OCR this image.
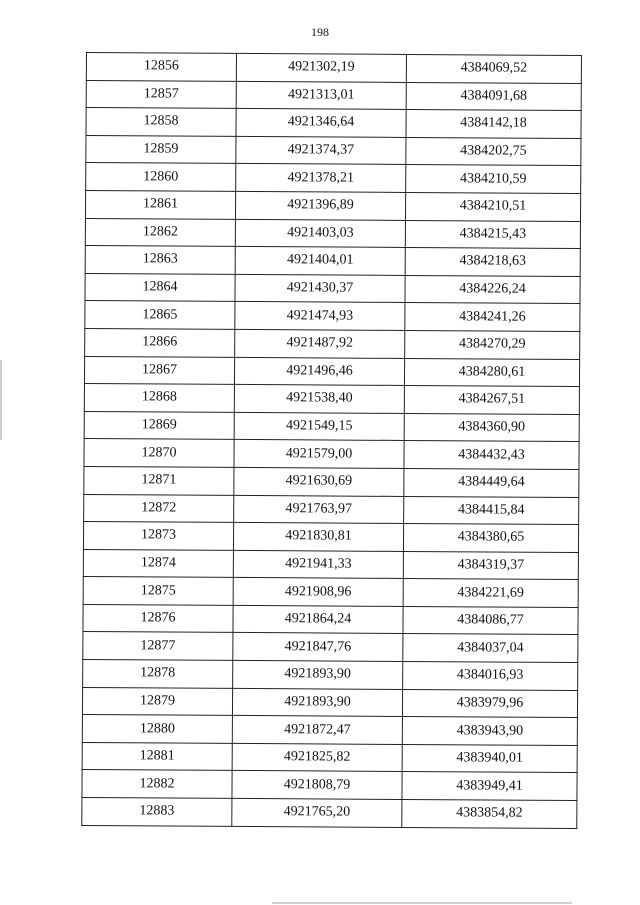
198
12856	4921302,19	4384069,52
12857	4921313,01	4384091,68
12858	4921346,64	4384142,18
12859	4921374,37	4384202,75
12860	4921378,21	4384210,59
12861	4921396,89	4384210,51
12862	4921403,03	4384215,43
12863	4921404,01	4384218,63
12864	4921430,37	4384226,24
12865	4921474,93	4384241,26
12866	4921487,92	4384270,29
12867	4921496,46	4384280,61
12868	4921538,40	4384267,51
12869	4921549,15	4384360,90
12870	4921579,00	4384432,43
12871	4921630,69	4384449,64
12872	4921763,97	4384415,84
12873	4921830,81	4384380,65
12874	4921941,33	4384319,37
12875	4921908,96	4384221,69
12876	4921864,24	4384086,77
12877	4921847,76	4384037,04
12878	4921893,90	4384016,93
12879	4921893,90	4383979,96
12880	4921872,47	4383943,90
12881	4921825,82	4383940,01
12882	4921808,79	4383949,41
12883	4921765,20	4383854,82
